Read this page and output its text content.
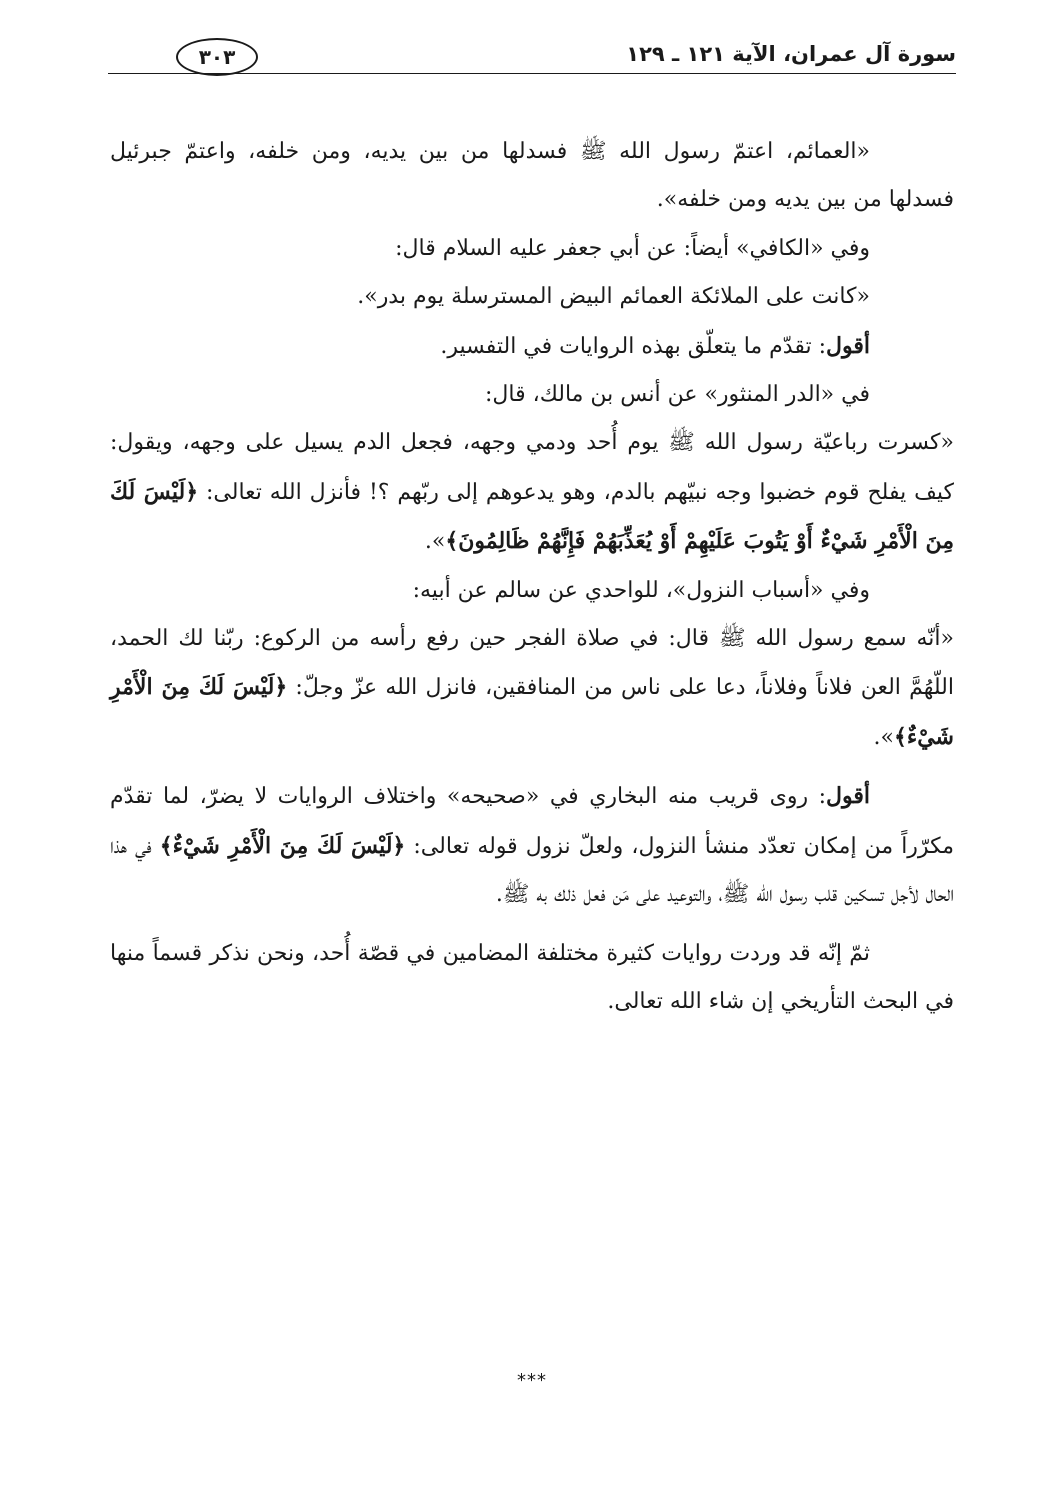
سورة آل عمران، الآية ١٢١ ـ ١٢٩
٣٠٣

«العمائم، اعتمّ رسول الله ﷺ فسدلها من بين يديه، ومن خلفه، واعتمّ جبرئيل فسدلها من بين يديه ومن خلفه».

وفي «الكافي» أيضاً: عن أبي جعفر عليه السلام قال:

«كانت على الملائكة العمائم البيض المسترسلة يوم بدر».

أقول: تقدّم ما يتعلّق بهذه الروايات في التفسير.

في «الدر المنثور» عن أنس بن مالك، قال:

«كسرت رباعيّة رسول الله ﷺ يوم أُحد ودمي وجهه، فجعل الدم يسيل على وجهه، ويقول: كيف يفلح قوم خضبوا وجه نبيّهم بالدم، وهو يدعوهم إلى ربّهم ؟! فأنزل الله تعالى: ﴿لَيْسَ لَكَ مِنَ الْأَمْرِ شَيْءٌ أَوْ يَتُوبَ عَلَيْهِمْ أَوْ يُعَذِّبَهُمْ فَإِنَّهُمْ ظَالِمُونَ﴾».

وفي «أسباب النزول»، للواحدي عن سالم عن أبيه:

«أنّه سمع رسول الله ﷺ قال: في صلاة الفجر حين رفع رأسه من الركوع: ربّنا لك الحمد، اللّهُمَّ العن فلاناً وفلاناً، دعا على ناس من المنافقين، فانزل الله عزّ وجلّ: ﴿لَيْسَ لَكَ مِنَ الْأَمْرِ شَيْءٌ﴾».

أقول: روى قريب منه البخاري في «صحيحه» واختلاف الروايات لا يضرّ، لما تقدّم مكرّراً من إمكان تعدّد منشأ النزول، ولعلّ نزول قوله تعالى: ﴿لَيْسَ لَكَ مِنَ الْأَمْرِ شَيْءٌ﴾ في هذا الحال لأجل تسكين قلب رسول الله ﷺ، والتوعيد على مَن فعل ذلك به ﷺ.

ثمّ إنّه قد وردت روايات كثيرة مختلفة المضامين في قصّة أُحد، ونحن نذكر قسماً منها في البحث التأريخي إن شاء الله تعالى.

***
